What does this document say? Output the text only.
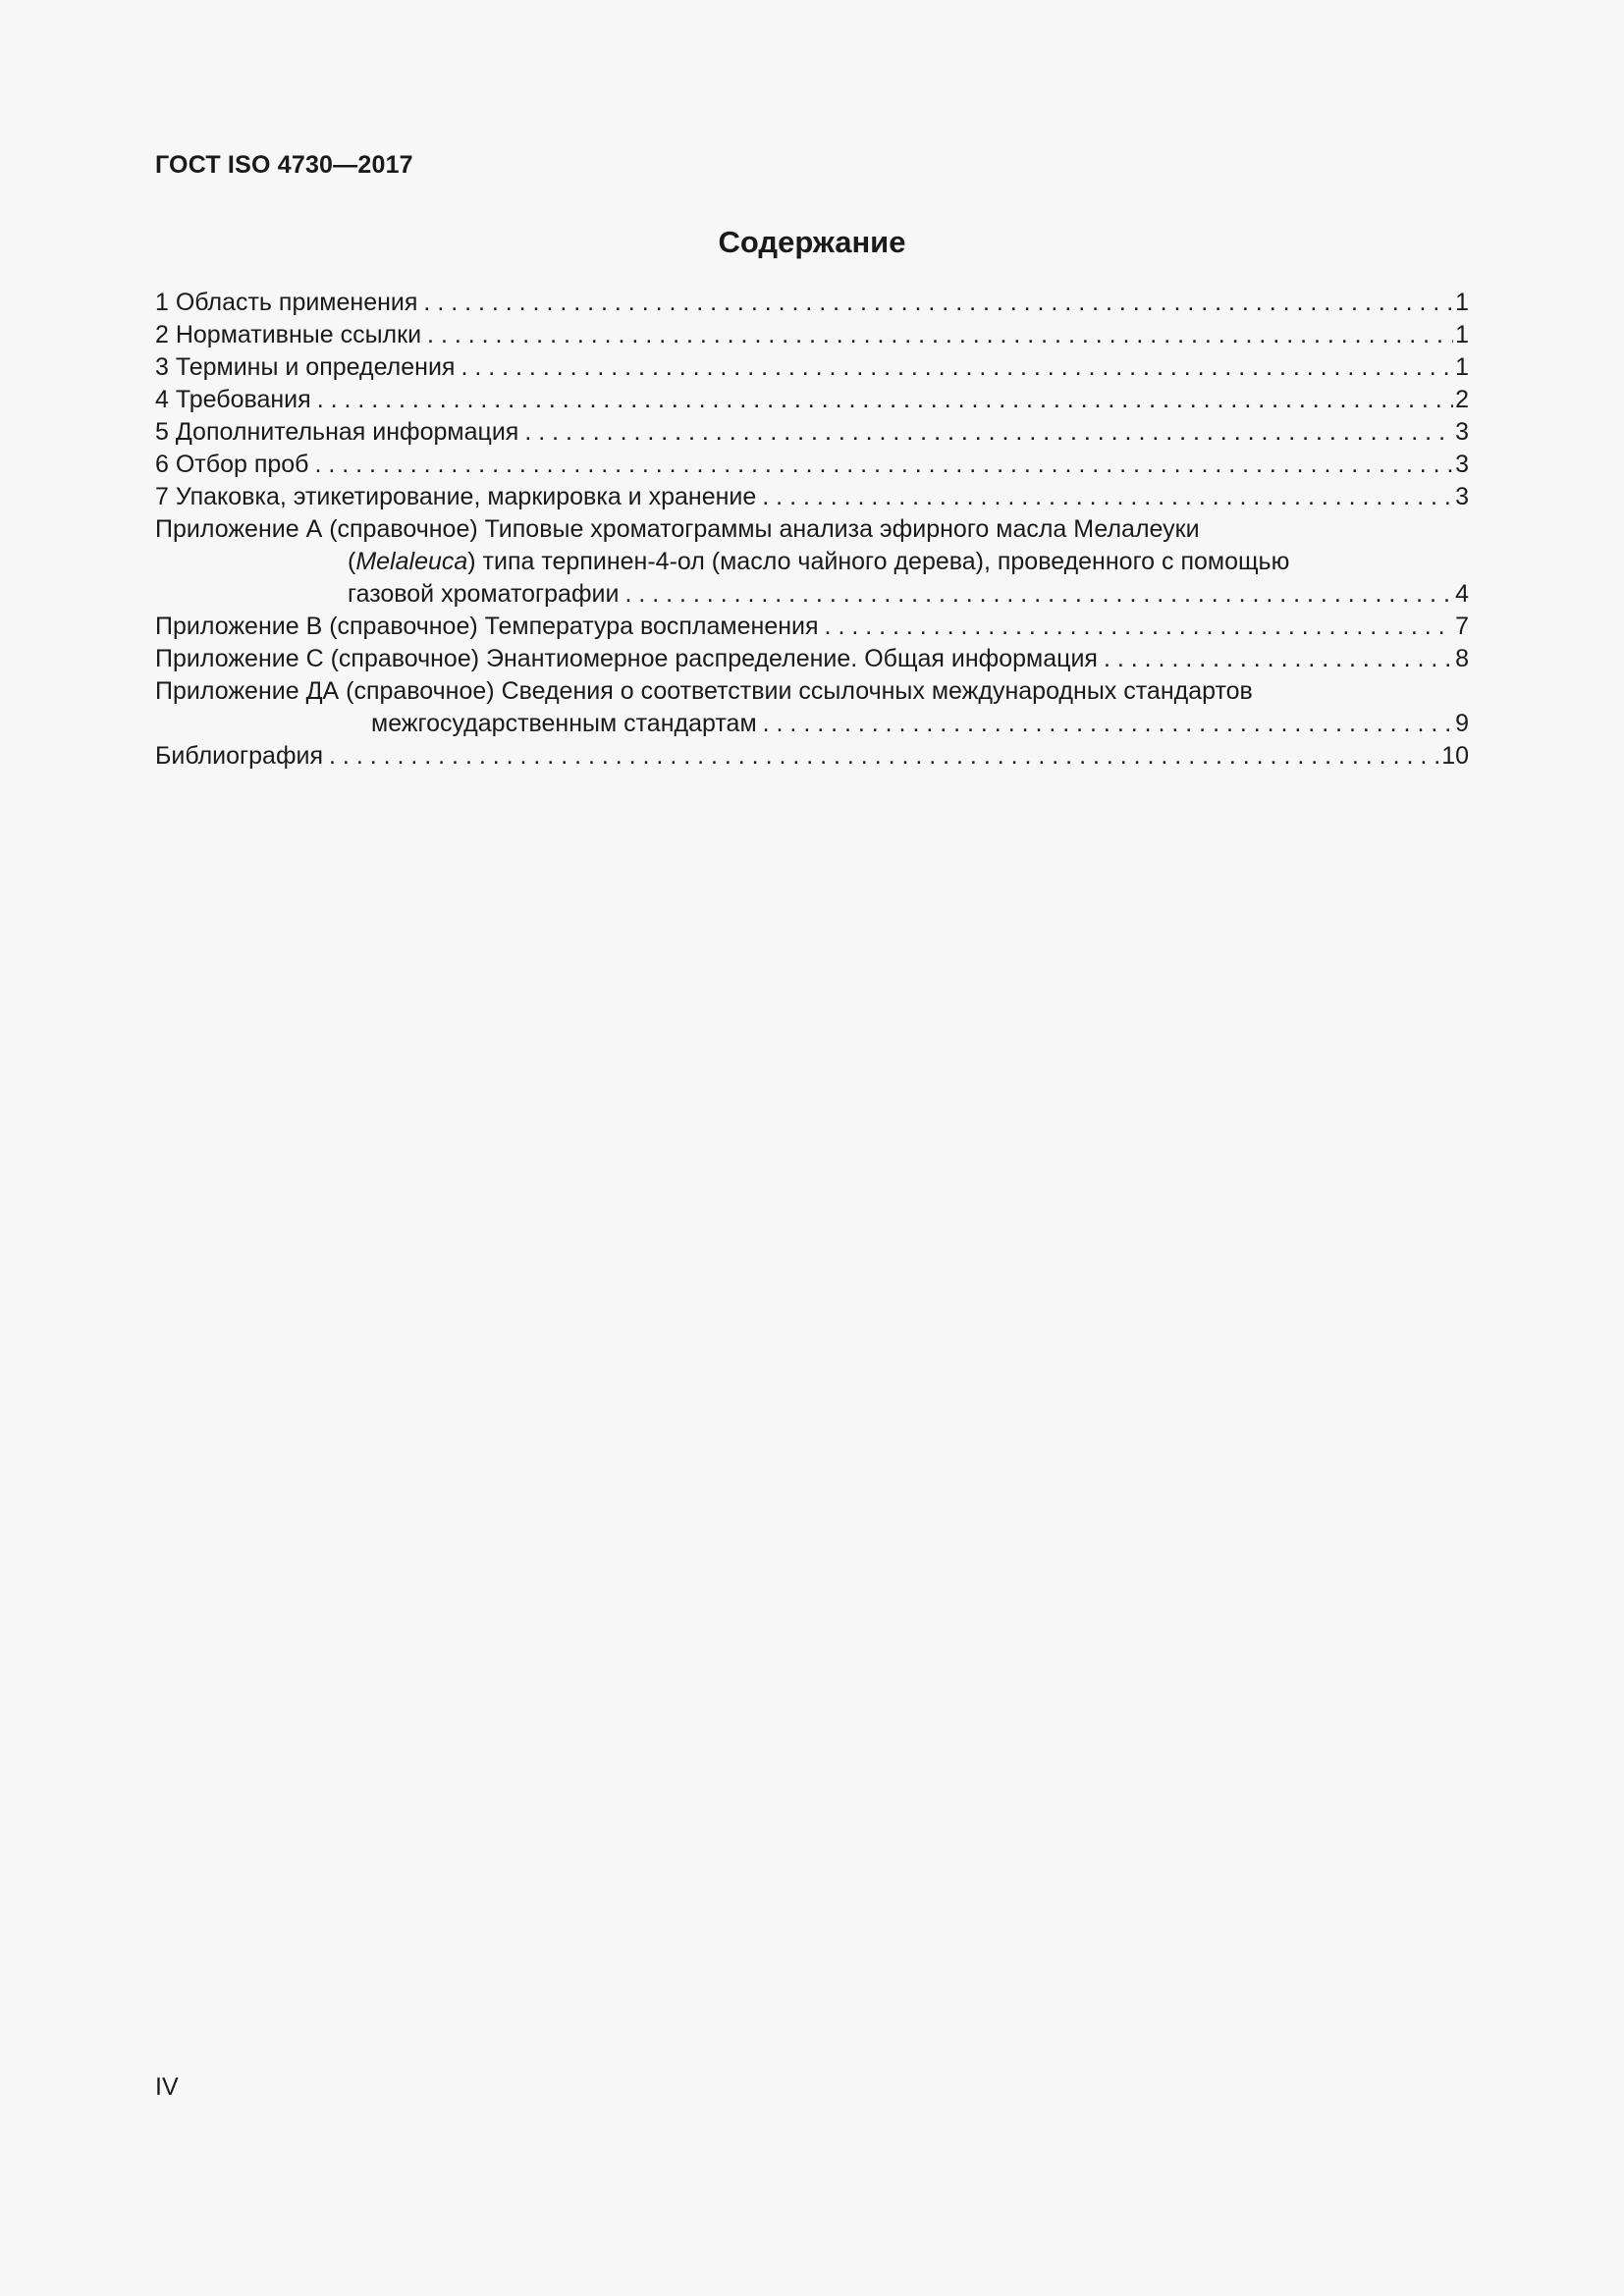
ГОСТ ISO 4730—2017
Содержание
1 Область применения . . .	1
2 Нормативные ссылки . . .	1
3 Термины и определения . . .	1
4 Требования . . .	2
5 Дополнительная информация . . .	3
6 Отбор проб . . .	3
7 Упаковка, этикетирование, маркировка и хранение . . .	3
Приложение А (справочное) Типовые хроматограммы анализа эфирного масла Мелалеуки
(Melaleuca) типа терпинен-4-ол (масло чайного дерева), проведенного с помощью
газовой хроматографии . . .	4
Приложение В (справочное) Температура воспламенения . . .	7
Приложение С (справочное) Энантиомерное распределение. Общая информация . . .	8
Приложение ДА (справочное) Сведения о соответствии ссылочных международных стандартов
межгосударственным стандартам . . .	9
Библиография . . .	10
IV
